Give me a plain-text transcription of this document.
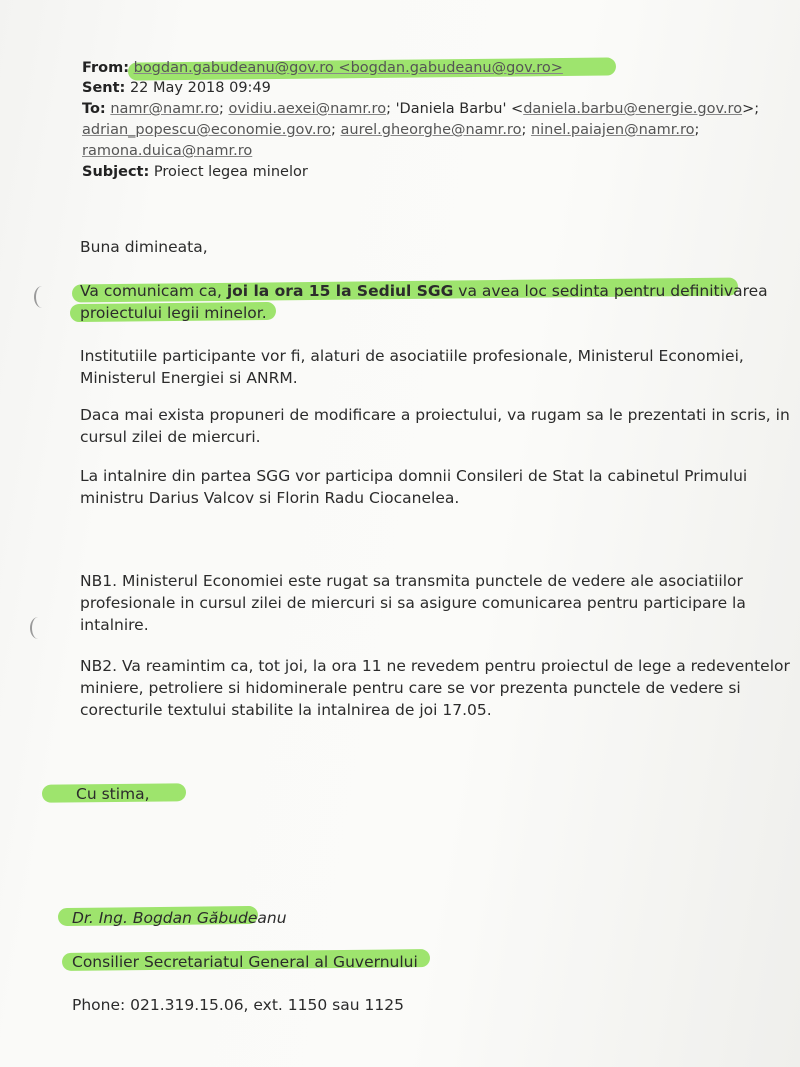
From: bogdan.gabudeanu@gov.ro <bogdan.gabudeanu@gov.ro>
Sent: 22 May 2018 09:49
To: namr@namr.ro; ovidiu.aexei@namr.ro; 'Daniela Barbu' <daniela.barbu@energie.gov.ro>;
adrian_popescu@economie.gov.ro; aurel.gheorghe@namr.ro; ninel.paiajen@namr.ro;
ramona.duica@namr.ro
Subject: Proiect legea minelor
Buna dimineata,
Va comunicam ca, joi la ora 15 la Sediul SGG va avea loc sedinta pentru definitivarea
proiectului legii minelor.
Institutiile participante vor fi, alaturi de asociatiile profesionale, Ministerul Economiei,
Ministerul Energiei si ANRM.
Daca mai exista propuneri de modificare a proiectului, va rugam sa le prezentati in scris, in
cursul zilei de miercuri.
La intalnire din partea SGG vor participa domnii Consileri de Stat la cabinetul Primului
ministru Darius Valcov si Florin Radu Ciocanelea.
NB1. Ministerul Economiei este rugat sa transmita punctele de vedere ale asociatiilor
profesionale in cursul zilei de miercuri si sa asigure comunicarea pentru participare la
intalnire.
NB2. Va reamintim ca, tot joi, la ora 11 ne revedem pentru proiectul de lege a redeventelor
miniere, petroliere si hidominerale pentru care se vor prezenta punctele de vedere si
corecturile textului stabilite la intalnirea de joi 17.05.
Cu stima,
Dr. Ing. Bogdan Găbudeanu
Consilier Secretariatul General al Guvernului
Phone: 021.319.15.06, ext. 1150 sau 1125
